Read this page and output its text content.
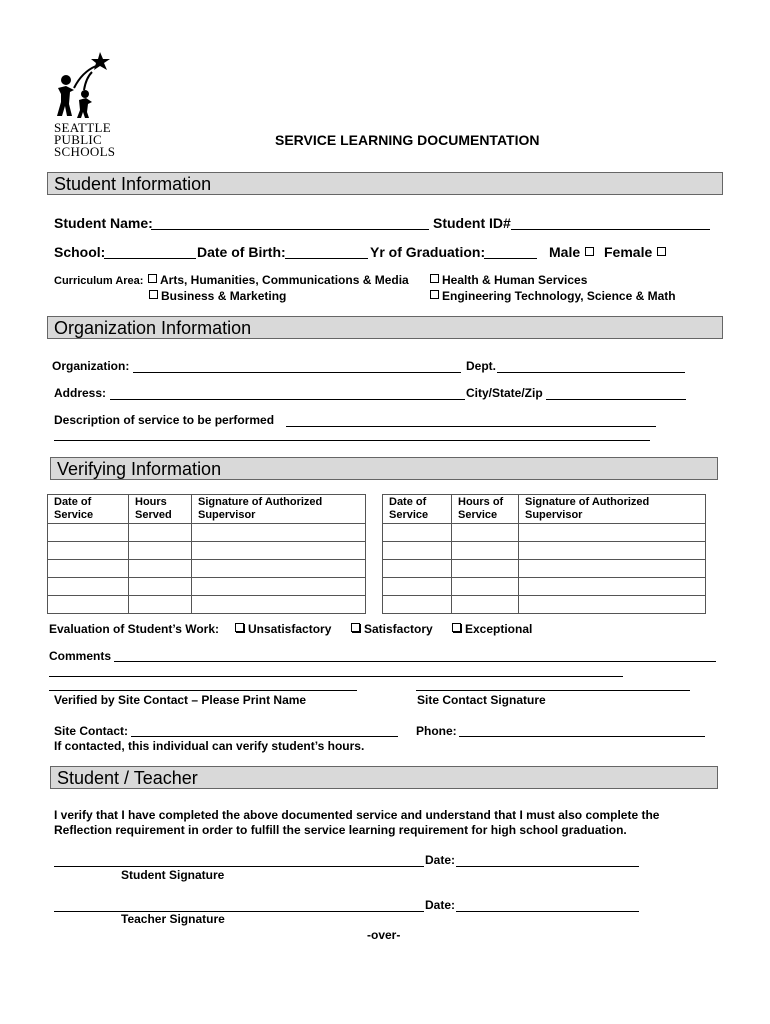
SEATTLE
PUBLIC
SCHOOLS
SERVICE LEARNING DOCUMENTATION
Student Information
Student Name:	Student ID#
School:	Date of Birth:	Yr of Graduation:	Male	Female
Curriculum Area:	Arts, Humanities, Communications & Media	Health & Human Services
Business & Marketing	Engineering Technology, Science & Math
Organization Information
Organization:	Dept.
Address:	City/State/Zip
Description of service to be performed
Verifying Information
Date of Service	Hours Served	Signature of Authorized Supervisor

Date of Service	Hours of Service	Signature of Authorized Supervisor

Evaluation of Student’s Work:	Unsatisfactory	Satisfactory	Exceptional
Comments
Verified by Site Contact – Please Print Name	Site Contact Signature
Site Contact:	Phone:
If contacted, this individual can verify student’s hours.
Student / Teacher
I verify that I have completed the above documented service and understand that I must also complete the Reflection requirement in order to fulfill the service learning requirement for high school graduation.
Date:
Student Signature
Date:
Teacher Signature
-over-
